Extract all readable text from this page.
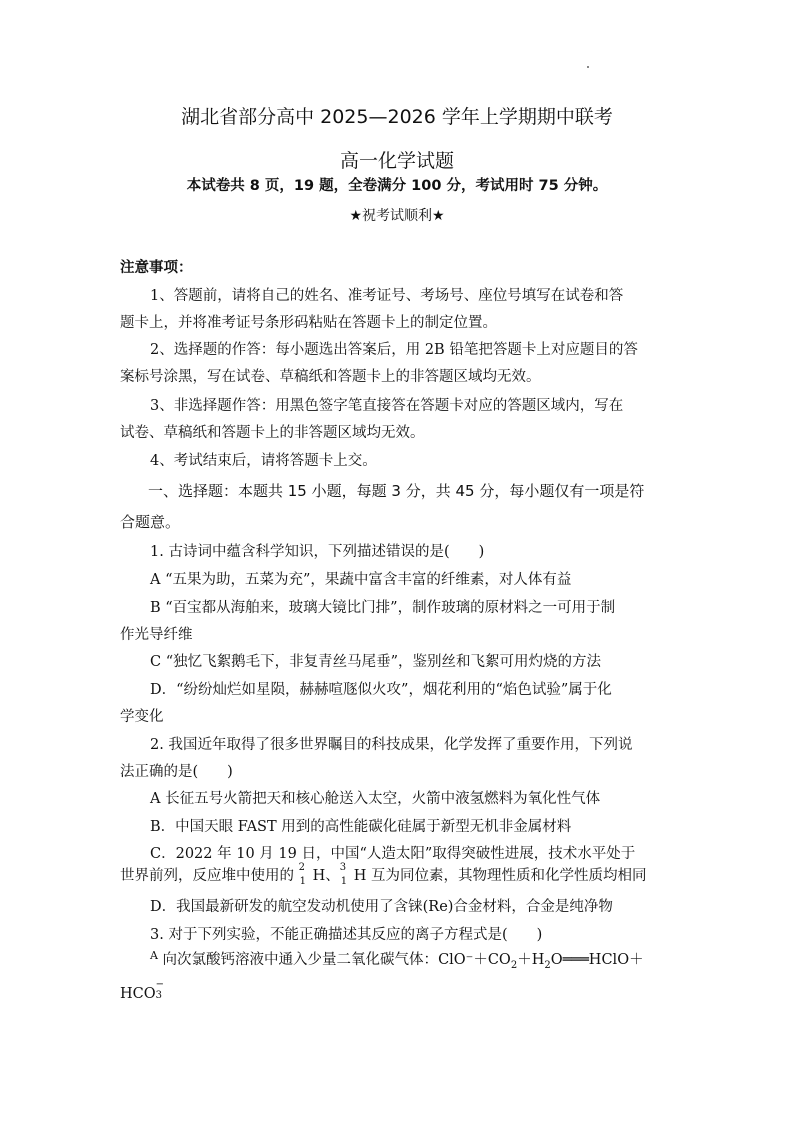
湖北省部分高中 2025—2026 学年上学期期中联考
高一化学试题
本试卷共 8 页，19 题，全卷满分 100 分，考试用时 75 分钟。
★祝考试顺利★
注意事项：
1、答题前，请将自己的姓名、准考证号、考场号、座位号填写在试卷和答
题卡上，并将准考证号条形码粘贴在答题卡上的制定位置。
2、选择题的作答：每小题选出答案后，用 2B 铅笔把答题卡上对应题目的答
案标号涂黑，写在试卷、草稿纸和答题卡上的非答题区域均无效。
3、非选择题作答：用黑色签字笔直接答在答题卡对应的答题区域内，写在
试卷、草稿纸和答题卡上的非答题区域均无效。
4、考试结束后，请将答题卡上交。
一、选择题：本题共 15 小题，每题 3 分，共 45 分，每小题仅有一项是符
合题意。
1. 古诗词中蕴含科学知识，下列描述错误的是(　　)
A “五果为助，五菜为充”，果蔬中富含丰富的纤维素，对人体有益
B “百宝都从海舶来，玻璃大镜比门排”，制作玻璃的原材料之一可用于制
作光导纤维
C “独忆飞絮鹅毛下，非复青丝马尾垂”，鉴别丝和飞絮可用灼烧的方法
D．“纷纷灿烂如星陨，赫赫喧豗似火攻”，烟花利用的“焰色试验”属于化
学变化
2. 我国近年取得了很多世界瞩目的科技成果，化学发挥了重要作用，下列说
法正确的是(　　)
A 长征五号火箭把天和核心舱送入太空，火箭中液氢燃料为氧化性气体
B．中国天眼 FAST 用到的高性能碳化硅属于新型无机非金属材料
C．2022 年 10 月 19 日，中国“人造太阳”取得突破性进展，技术水平处于
世界前列，反应堆中使用的
2
1 H、
3
1 H 互为同位素，其物理性质和化学性质均相同
D．我国最新研发的航空发动机使用了含铼(Re)合金材料，合金是纯净物
3. 对于下列实验，不能正确描述其反应的离子方程式是(　　)
$^A$ 向次氯酸钙溶液中通入少量二氧化碳气体：$ClO^-+CO_2+H_2O═══HClO+$
HCO
−
3
